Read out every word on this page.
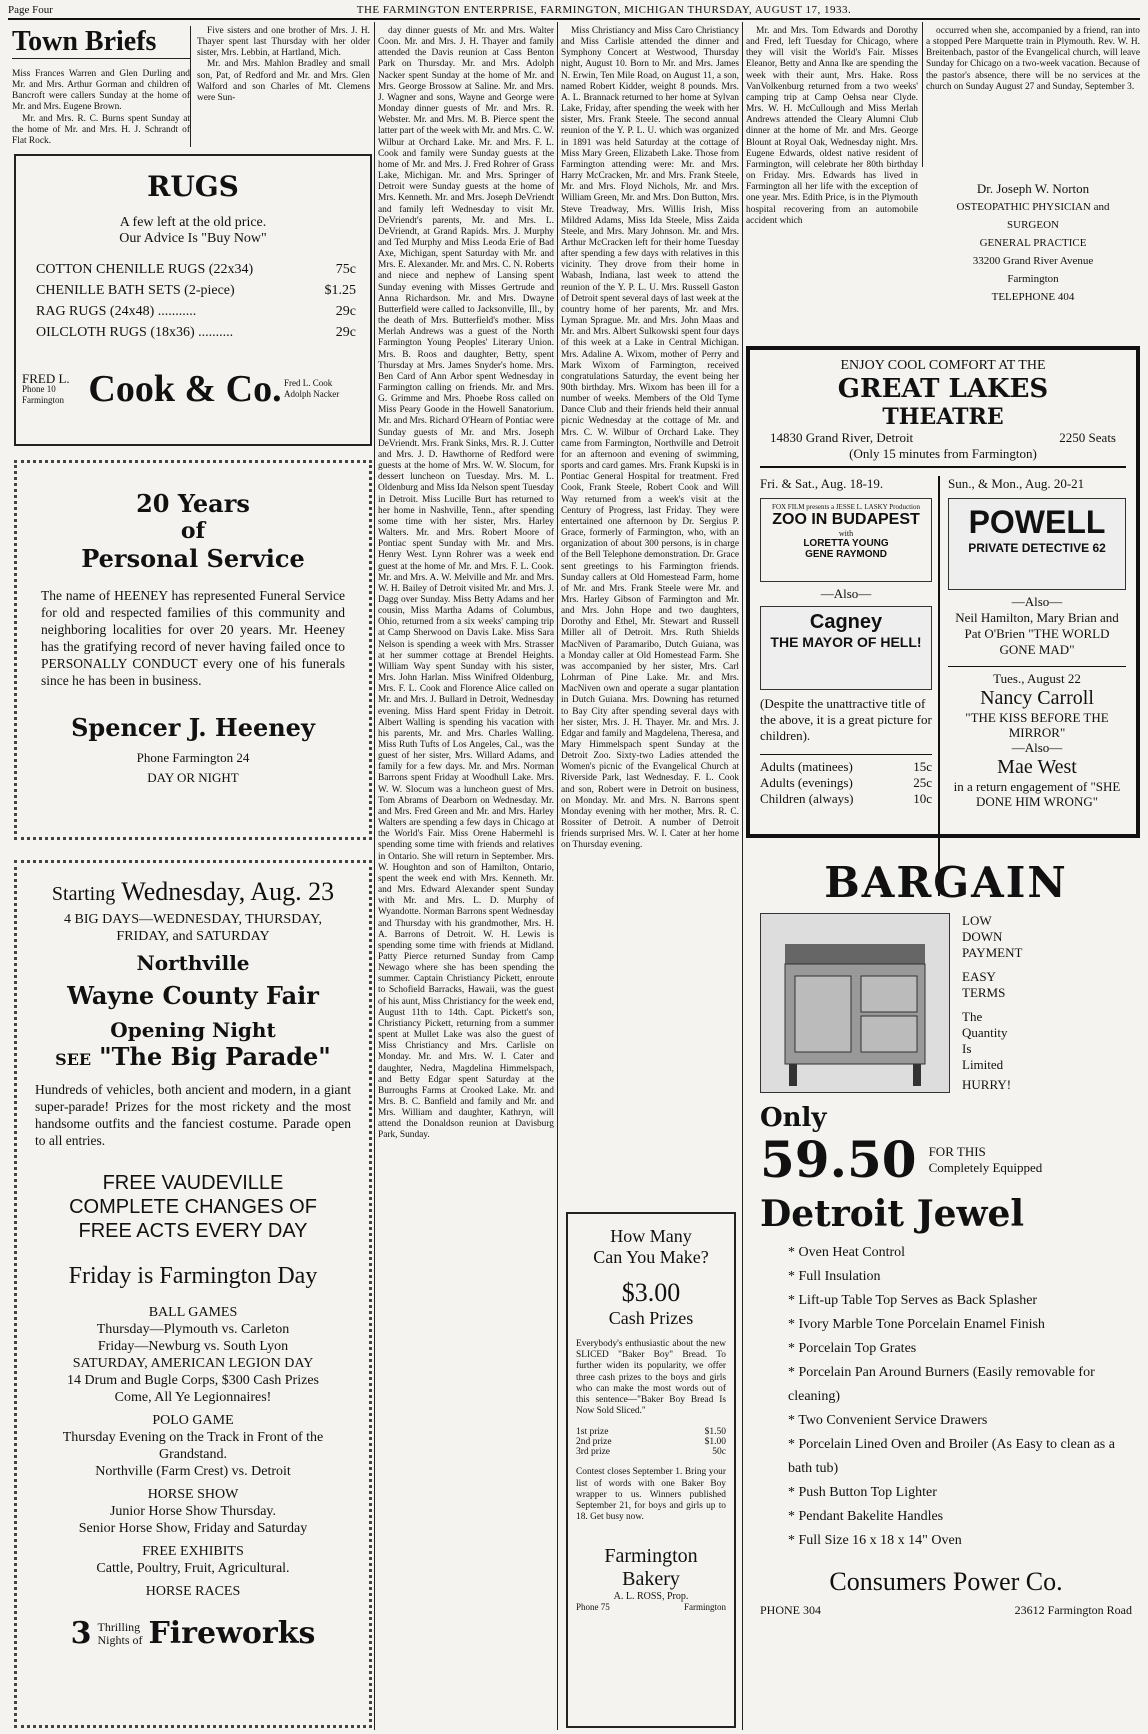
Page Four	THE FARMINGTON ENTERPRISE, FARMINGTON, MICHIGAN THURSDAY, AUGUST 17, 1933.
Town Briefs

Miss Frances Warren and Glen Durling and Mr. and Mrs. Arthur Gorman and children of Bancroft were callers Sunday at the home of Mr. and Mrs. Eugene Brown.

Mr. and Mrs. R. C. Burns spent Sunday at the home of Mr. and Mrs. H. J. Schrandt of Flat Rock.

Five sisters and one brother of Mrs. J. H. Thayer spent last Thursday with her older sister, Mrs. Lebbin, at Hartland, Mich.

Mr. and Mrs. Mahlon Bradley and small son, Pat, of Redford and Mr. and Mrs. Glen Walford and son Charles of Mt. Clemens were Sun-

RUGS
A few left at the old price.
Our Advice Is "Buy Now"
COTTON CHENILLE RUGS (22x34)	75c
CHENILLE BATH SETS (2-piece)	$1.25
RAG RUGS (24x48) ...........	29c
OILCLOTH RUGS (18x36) ..........	29c
FRED L.
Phone 10
Farmington Cook & Co. Fred L. Cook
Adolph Nacker
20 Years
of
Personal Service
The name of HEENEY has represented Funeral Service for old and respected families of this community and neighboring localities for over 20 years. Mr. Heeney has the gratifying record of never having failed once to PERSONALLY CONDUCT every one of his funerals since he has been in business.
Spencer J. Heeney
Phone Farmington 24
DAY OR NIGHT
Starting Wednesday, Aug. 23
4 BIG DAYS—WEDNESDAY, THURSDAY, FRIDAY, and SATURDAY
Northville
Wayne County Fair
Opening Night
SEE "The Big Parade"
Hundreds of vehicles, both ancient and modern, in a giant super-parade! Prizes for the most rickety and the most handsome outfits and the fanciest costume. Parade open to all entries.
FREE VAUDEVILLE
COMPLETE CHANGES OF
FREE ACTS EVERY DAY
Friday is Farmington Day
BALL GAMES
Thursday—Plymouth vs. Carleton
Friday—Newburg vs. South Lyon
SATURDAY, AMERICAN LEGION DAY
14 Drum and Bugle Corps, $300 Cash Prizes
Come, All Ye Legionnaires!
POLO GAME
Thursday Evening on the Track in Front of the Grandstand.
Northville (Farm Crest) vs. Detroit
HORSE SHOW
Junior Horse Show Thursday.
Senior Horse Show, Friday and Saturday
FREE EXHIBITS
Cattle, Poultry, Fruit, Agricultural.
HORSE RACES
3 Thrilling
Nights of Fireworks

day dinner guests of Mr. and Mrs. Walter Coon. Mr. and Mrs. J. H. Thayer and family attended the Davis reunion at Cass Benton Park on Thursday. Mr. and Mrs. Adolph Nacker spent Sunday at the home of Mr. and Mrs. George Brossow at Saline. Mr. and Mrs. J. Wagner and sons, Wayne and George were Monday dinner guests of Mr. and Mrs. R. Webster. Mr. and Mrs. M. B. Pierce spent the latter part of the week with Mr. and Mrs. C. W. Wilbur at Orchard Lake. Mr. and Mrs. F. L. Cook and family were Sunday guests at the home of Mr. and Mrs. J. Fred Rohrer of Grass Lake, Michigan. Mr. and Mrs. Springer of Detroit were Sunday guests at the home of Mrs. Kenneth. Mr. and Mrs. Joseph DeVriendt and family left Wednesday to visit Mr. DeVriendt's parents, Mr. and Mrs. L. DeVriendt, at Grand Rapids. Mrs. J. Murphy and Ted Murphy and Miss Leoda Erie of Bad Axe, Michigan, spent Saturday with Mr. and Mrs. E. Alexander. Mr. and Mrs. C. N. Roberts and niece and nephew of Lansing spent Sunday evening with Misses Gertrude and Anna Richardson. Mr. and Mrs. Dwayne Butterfield were called to Jacksonville, Ill., by the death of Mrs. Butterfield's mother. Miss Merlah Andrews was a guest of the North Farmington Young Peoples' Literary Union. Mrs. B. Roos and daughter, Betty, spent Thursday at Mrs. James Snyder's home. Mrs. Ben Card of Ann Arbor spent Wednesday in Farmington calling on friends. Mr. and Mrs. G. Grimme and Mrs. Phoebe Ross called on Miss Peary Goode in the Howell Sanatorium. Mr. and Mrs. Richard O'Hearn of Pontiac were Sunday guests of Mr. and Mrs. Joseph DeVriendt. Mrs. Frank Sinks, Mrs. R. J. Cutter and Mrs. J. D. Hawthorne of Redford were guests at the home of Mrs. W. W. Slocum, for dessert luncheon on Tuesday. Mrs. M. L. Oldenburg and Miss Ida Nelson spent Tuesday in Detroit. Miss Lucille Burt has returned to her home in Nashville, Tenn., after spending some time with her sister, Mrs. Harley Walters. Mr. and Mrs. Robert Moore of Pontiac spent Sunday with Mr. and Mrs. Henry West. Lynn Rohrer was a week end guest at the home of Mr. and Mrs. F. L. Cook. Mr. and Mrs. A. W. Melville and Mr. and Mrs. W. H. Bailey of Detroit visited Mr. and Mrs. J. Dagg over Sunday. Miss Betty Adams and her cousin, Miss Martha Adams of Columbus, Ohio, returned from a six weeks' camping trip at Camp Sherwood on Davis Lake. Miss Sara Nelson is spending a week with Mrs. Strasser at her summer cottage at Brendel Heights. William Way spent Sunday with his sister, Mrs. John Harlan. Miss Winifred Oldenburg, Mrs. F. L. Cook and Florence Alice called on Mr. and Mrs. J. Bullard in Detroit, Wednesday evening. Miss Hard spent Friday in Detroit. Albert Walling is spending his vacation with his parents, Mr. and Mrs. Charles Walling. Miss Ruth Tufts of Los Angeles, Cal., was the guest of her sister, Mrs. Willard Adams, and family for a few days. Mr. and Mrs. Norman Barrons spent Friday at Woodhull Lake. Mrs. W. W. Slocum was a luncheon guest of Mrs. Tom Abrams of Dearborn on Wednesday. Mr. and Mrs. Fred Green and Mr. and Mrs. Harley Walters are spending a few days in Chicago at the World's Fair. Miss Orene Habermehl is spending some time with friends and relatives in Ontario. She will return in September. Mrs. W. Houghton and son of Hamilton, Ontario, spent the week end with Mrs. Kenneth. Mr. and Mrs. Edward Alexander spent Sunday with Mr. and Mrs. L. D. Murphy of Wyandotte. Norman Barrons spent Wednesday and Thursday with his grandmother, Mrs. H. A. Barrons of Detroit. W. H. Lewis is spending some time with friends at Midland. Patty Pierce returned Sunday from Camp Newago where she has been spending the summer. Captain Christiancy Pickett, enroute to Schofield Barracks, Hawaii, was the guest of his aunt, Miss Christiancy for the week end, August 11th to 14th. Capt. Pickett's son, Christiancy Pickett, returning from a summer spent at Mullet Lake was also the guest of Miss Christiancy and Mrs. Carlisle on Monday. Mr. and Mrs. W. I. Cater and daughter, Nedra, Magdelina Himmelspach, and Betty Edgar spent Saturday at the Burroughs Farms at Crooked Lake. Mr. and Mrs. B. C. Banfield and family and Mr. and Mrs. William and daughter, Kathryn, will attend the Donaldson reunion at Davisburg Park, Sunday.

Miss Christiancy and Miss Caro Christiancy and Miss Carlisle attended the dinner and Symphony Concert at Westwood, Thursday night, August 10. Born to Mr. and Mrs. James N. Erwin, Ten Mile Road, on August 11, a son, named Robert Kidder, weight 8 pounds. Mrs. A. L. Brannack returned to her home at Sylvan Lake, Friday, after spending the week with her sister, Mrs. Frank Steele. The second annual reunion of the Y. P. L. U. which was organized in 1891 was held Saturday at the cottage of Miss Mary Green, Elizabeth Lake. Those from Farmington attending were: Mr. and Mrs. Harry McCracken, Mr. and Mrs. Frank Steele, Mr. and Mrs. Floyd Nichols, Mr. and Mrs. William Green, Mr. and Mrs. Don Button, Mrs. Steve Treadway, Mrs. Willis Irish, Miss Mildred Adams, Miss Ida Steele, Miss Zaida Steele, and Mrs. Mary Johnson. Mr. and Mrs. Arthur McCracken left for their home Tuesday after spending a few days with relatives in this vicinity. They drove from their home in Wabash, Indiana, last week to attend the reunion of the Y. P. L. U. Mrs. Russell Gaston of Detroit spent several days of last week at the country home of her parents, Mr. and Mrs. Lyman Sprague. Mr. and Mrs. John Maas and Mr. and Mrs. Albert Sulkowski spent four days of this week at a Lake in Central Michigan. Mrs. Adaline A. Wixom, mother of Perry and Mark Wixom of Farmington, received congratulations Saturday, the event being her 90th birthday. Mrs. Wixom has been ill for a number of weeks. Members of the Old Tyme Dance Club and their friends held their annual picnic Wednesday at the cottage of Mr. and Mrs. C. W. Wilbur of Orchard Lake. They came from Farmington, Northville and Detroit for an afternoon and evening of swimming, sports and card games. Mrs. Frank Kupski is in Pontiac General Hospital for treatment. Fred Cook, Frank Steele, Robert Cook and Will Way returned from a week's visit at the Century of Progress, last Friday. They were entertained one afternoon by Dr. Sergius P. Grace, formerly of Farmington, who, with an organization of about 300 persons, is in charge of the Bell Telephone demonstration. Dr. Grace sent greetings to his Farmington friends. Sunday callers at Old Homestead Farm, home of Mr. and Mrs. Frank Steele were Mr. and Mrs. Harley Gibson of Farmington and Mr. and Mrs. John Hope and two daughters, Dorothy and Ethel, Mr. Stewart and Russell Miller all of Detroit. Mrs. Ruth Shields MacNiven of Paramaribo, Dutch Guiana, was a Monday caller at Old Homestead Farm. She was accompanied by her sister, Mrs. Carl Lohrman of Pine Lake. Mr. and Mrs. MacNiven own and operate a sugar plantation in Dutch Guiana. Mrs. Downing has returned to Bay City after spending several days with her sister, Mrs. J. H. Thayer. Mr. and Mrs. J. Edgar and family and Magdelena, Theresa, and Mary Himmelspach spent Sunday at the Detroit Zoo. Sixty-two Ladies attended the Women's picnic of the Evangelical Church at Riverside Park, last Wednesday. F. L. Cook and son, Robert were in Detroit on business, on Monday. Mr. and Mrs. N. Barrons spent Monday evening with her mother, Mrs. R. C. Rossiter of Detroit. A number of Detroit friends surprised Mrs. W. I. Cater at her home on Thursday evening.

How Many
Can You Make?
$3.00
Cash Prizes
Everybody's enthusiastic about the new SLICED "Baker Boy" Bread. To further widen its popularity, we offer three cash prizes to the boys and girls who can make the most words out of this sentence—"Baker Boy Bread Is Now Sold Sliced."
1st prize	$1.50
2nd prize	$1.00
3rd prize	50c
Contest closes September 1. Bring your list of words with one Baker Boy wrapper to us. Winners published September 21, for boys and girls up to 18. Get busy now.
Farmington
Bakery
A. L. ROSS, Prop.
Phone 75	Farmington

Mr. and Mrs. Tom Edwards and Dorothy and Fred, left Tuesday for Chicago, where they will visit the World's Fair. Misses Eleanor, Betty and Anna Ike are spending the week with their aunt, Mrs. Hake. Ross VanVolkenburg returned from a two weeks' camping trip at Camp Oehsa near Clyde. Mrs. W. H. McCullough and Miss Merlah Andrews attended the Cleary Alumni Club dinner at the home of Mr. and Mrs. George Blount at Royal Oak, Wednesday night. Mrs. Eugene Edwards, oldest native resident of Farmington, will celebrate her 80th birthday on Friday. Mrs. Edwards has lived in Farmington all her life with the exception of one year. Mrs. Edith Price, is in the Plymouth hospital recovering from an automobile accident which

occurred when she, accompanied by a friend, ran into a stopped Pere Marquette train in Plymouth. Rev. W. H. Breitenbach, pastor of the Evangelical church, will leave Sunday for Chicago on a two-week vacation. Because of the pastor's absence, there will be no services at the church on Sunday August 27 and Sunday, September 3.

Dr. Joseph W. Norton
OSTEOPATHIC PHYSICIAN and
SURGEON
GENERAL PRACTICE
33200 Grand River Avenue
Farmington
TELEPHONE 404
ENJOY COOL COMFORT AT THE
GREAT LAKES
THEATRE
14830 Grand River, Detroit	2250 Seats
(Only 15 minutes from Farmington)
Fri. & Sat., Aug. 18-19.
FOX FILM presents a JESSE L. LASKY Production
ZOO IN BUDAPEST
with
LORETTA YOUNG
GENE RAYMOND
—Also—
Cagney
THE MAYOR OF HELL!
(Despite the unattractive title of the above, it is a great picture for children).
Adults (matinees)	15c
Adults (evenings)	25c
Children (always)	10c
Sun., & Mon., Aug. 20-21
POWELL
PRIVATE DETECTIVE 62
—Also—
Neil Hamilton, Mary Brian and Pat O'Brien "THE WORLD GONE MAD"
Tues., August 22
Nancy Carroll
"THE KISS BEFORE THE MIRROR"
—Also—
Mae West
in a return engagement of "SHE DONE HIM WRONG"
BARGAIN
LOW
DOWN
PAYMENT
EASY
TERMS
The
Quantity
Is
Limited
HURRY!
Only
59.50 FOR THIS
Completely Equipped
Detroit Jewel
* Oven Heat Control
* Full Insulation
* Lift-up Table Top Serves as Back Splasher
* Ivory Marble Tone Porcelain Enamel Finish
* Porcelain Top Grates
* Porcelain Pan Around Burners (Easily removable for cleaning)
* Two Convenient Service Drawers
* Porcelain Lined Oven and Broiler (As Easy to clean as a bath tub)
* Push Button Top Lighter
* Pendant Bakelite Handles
* Full Size 16 x 18 x 14" Oven
Consumers Power Co.
PHONE 304	23612 Farmington Road
